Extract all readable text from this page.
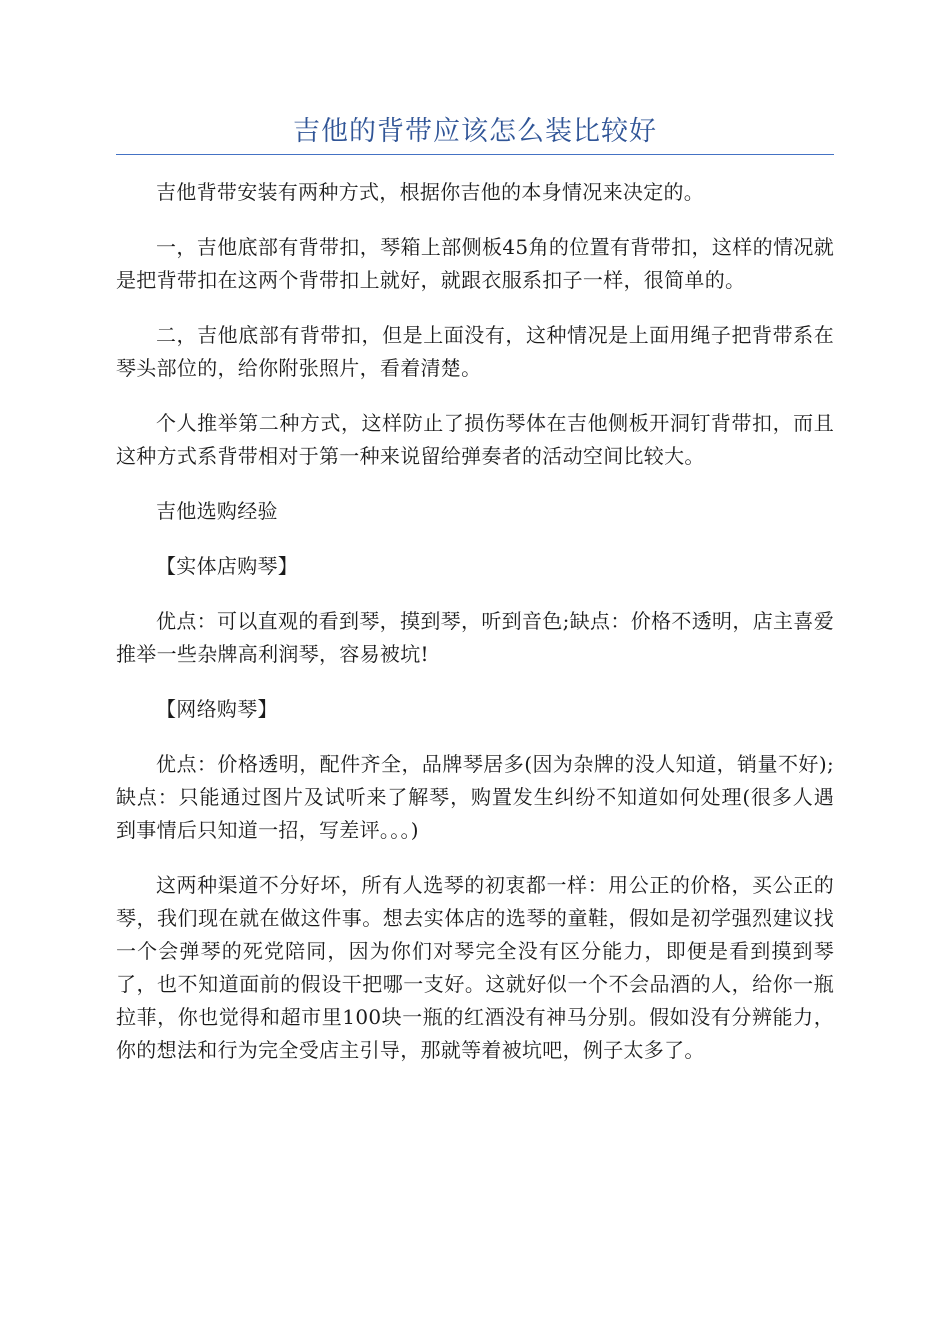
吉他的背带应该怎么装比较好

吉他背带安装有两种方式，根据你吉他的本身情况来决定的。

一，吉他底部有背带扣，琴箱上部侧板45角的位置有背带扣，这样的情况就是把背带扣在这两个背带扣上就好，就跟衣服系扣子一样，很简单的。

二，吉他底部有背带扣，但是上面没有，这种情况是上面用绳子把背带系在琴头部位的，给你附张照片，看着清楚。

个人推举第二种方式，这样防止了损伤琴体在吉他侧板开洞钉背带扣，而且这种方式系背带相对于第一种来说留给弹奏者的活动空间比较大。

吉他选购经验

【实体店购琴】

优点：可以直观的看到琴，摸到琴，听到音色;缺点：价格不透明，店主喜爱推举一些杂牌高利润琴，容易被坑!

【网络购琴】

优点：价格透明，配件齐全，品牌琴居多(因为杂牌的没人知道，销量不好);缺点：只能通过图片及试听来了解琴，购置发生纠纷不知道如何处理(很多人遇到事情后只知道一招，写差评。。。)

这两种渠道不分好坏，所有人选琴的初衷都一样：用公正的价格，买公正的琴，我们现在就在做这件事。想去实体店的选琴的童鞋，假如是初学强烈建议找一个会弹琴的死党陪同，因为你们对琴完全没有区分能力，即便是看到摸到琴了，也不知道面前的假设干把哪一支好。这就好似一个不会品酒的人，给你一瓶拉菲，你也觉得和超市里100块一瓶的红酒没有神马分别。假如没有分辨能力，你的想法和行为完全受店主引导，那就等着被坑吧，例子太多了。
